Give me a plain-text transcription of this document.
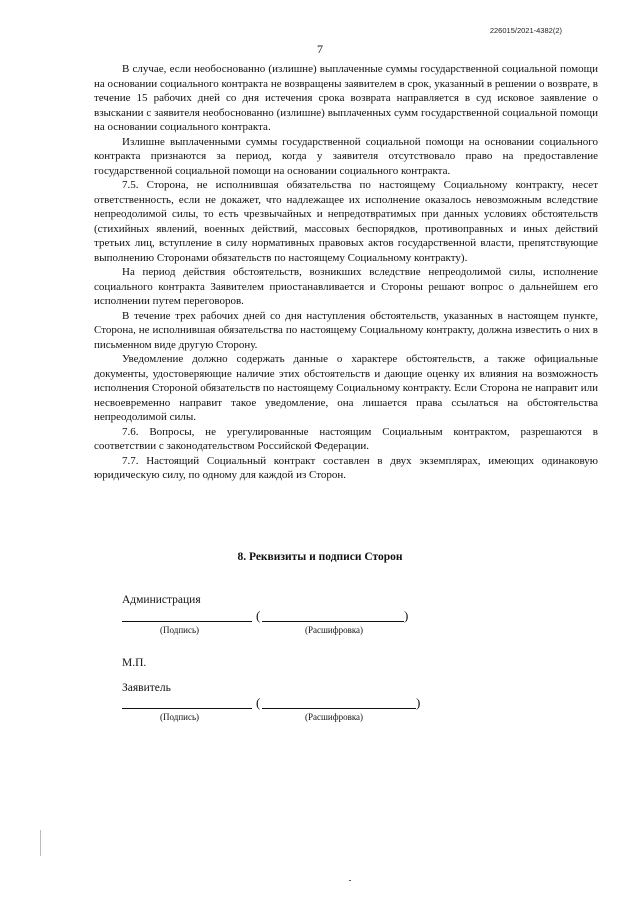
226015/2021-4382(2)
7

В случае, если необоснованно (излишне) выплаченные суммы государственной социальной помощи на основании социального контракта не возвращены заявителем в срок, указанный в решении о возврате, в течение 15 рабочих дней со дня истечения срока возврата направляется в суд исковое заявление о взыскании с заявителя необоснованно (излишне) выплаченных сумм государственной социальной помощи на основании социального контракта.

Излишне выплаченными суммы государственной социальной помощи на основании социального контракта признаются за период, когда у заявителя отсутствовало право на предоставление государственной социальной помощи на основании социального контракта.

7.5. Сторона, не исполнившая обязательства по настоящему Социальному контракту, несет ответственность, если не докажет, что надлежащее их исполнение оказалось невозможным вследствие непреодолимой силы, то есть чрезвычайных и непредотвратимых при данных условиях обстоятельств (стихийных явлений, военных действий, массовых беспорядков, противоправных и иных действий третьих лиц, вступление в силу нормативных правовых актов государственной власти, препятствующие выполнению Сторонами обязательств по настоящему Социальному контракту).

На период действия обстоятельств, возникших вследствие непреодолимой силы, исполнение социального контракта Заявителем приостанавливается и Стороны решают вопрос о дальнейшем его исполнении путем переговоров.

В течение трех рабочих дней со дня наступления обстоятельств, указанных в настоящем пункте, Сторона, не исполнившая обязательства по настоящему Социальному контракту, должна известить о них в письменном виде другую Сторону.

Уведомление должно содержать данные о характере обстоятельств, а также официальные документы, удостоверяющие наличие этих обстоятельств и дающие оценку их влияния на возможность исполнения Стороной обязательств по настоящему Социальному контракту. Если Сторона не направит или несвоевременно направит такое уведомление, она лишается права ссылаться на обстоятельства непреодолимой силы.

7.6. Вопросы, не урегулированные настоящим Социальным контрактом, разрешаются в соответствии с законодательством Российской Федерации.

7.7. Настоящий Социальный контракт составлен в двух экземплярах, имеющих одинаковую юридическую силу, по одному для каждой из Сторон.

8. Реквизиты и подписи Сторон
Администрация
(	)
(Подпись)	(Расшифровка)
М.П.
Заявитель
(	)
(Подпись)	(Расшифровка)
